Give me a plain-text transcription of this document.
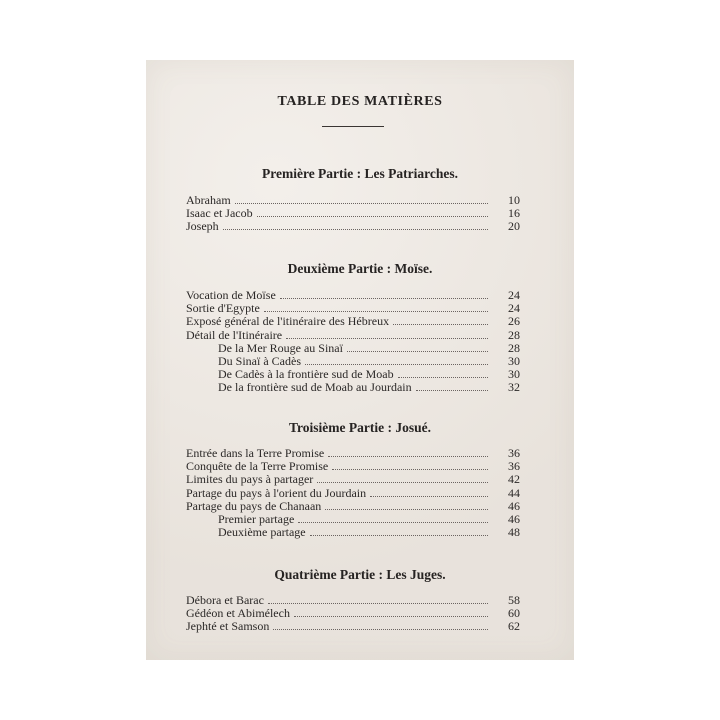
TABLE DES MATIÈRES
Première Partie : Les Patriarches.
Abraham	10
Isaac et Jacob	16
Joseph	20
Deuxième Partie : Moïse.
Vocation de Moïse	24
Sortie d'Egypte	24
Exposé général de l'itinéraire des Hébreux	26
Détail de l'Itinéraire	28
De la Mer Rouge au Sinaï	28
Du Sinaï à Cadès	30
De Cadès à la frontière sud de Moab	30
De la frontière sud de Moab au Jourdain	32
Troisième Partie : Josué.
Entrée dans la Terre Promise	36
Conquête de la Terre Promise	36
Limites du pays à partager	42
Partage du pays à l'orient du Jourdain	44
Partage du pays de Chanaan	46
Premier partage	46
Deuxième partage	48
Quatrième Partie : Les Juges.
Débora et Barac	58
Gédéon et Abimélech	60
Jephté et Samson	62
